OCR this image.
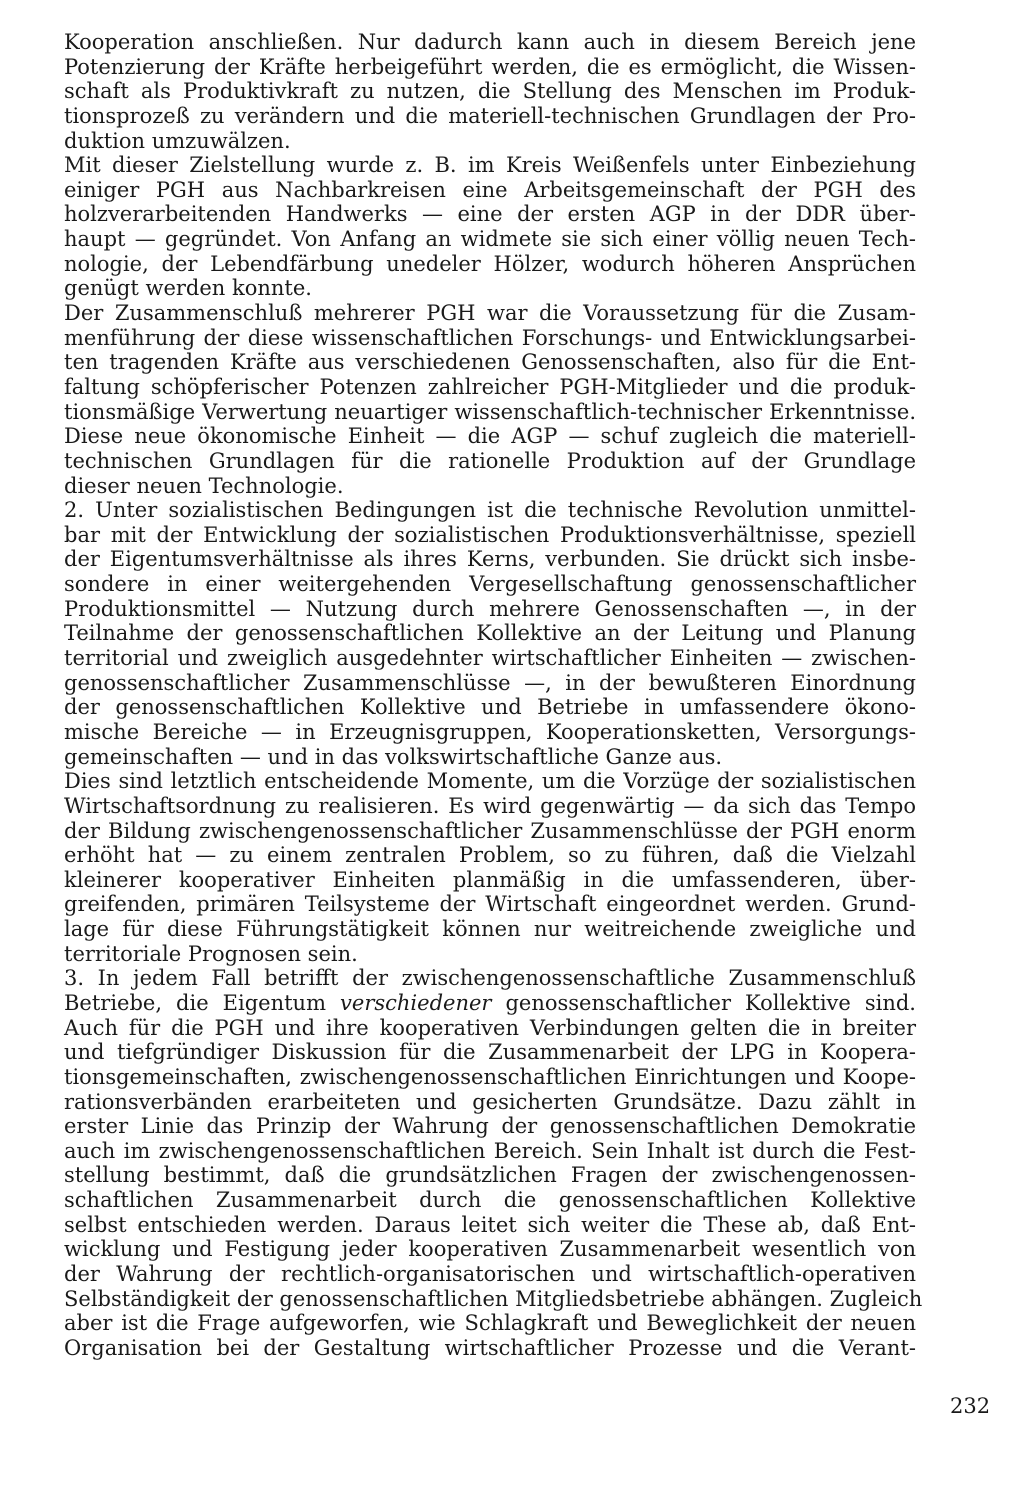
Kooperation anschließen. Nur dadurch kann auch in diesem Bereich jene
Potenzierung der Kräfte herbeigeführt werden, die es ermöglicht, die Wissen-
schaft als Produktivkraft zu nutzen, die Stellung des Menschen im Produk-
tionsprozeß zu verändern und die materiell-technischen Grundlagen der Pro-
duktion umzuwälzen.
Mit dieser Zielstellung wurde z. B. im Kreis Weißenfels unter Einbeziehung
einiger PGH aus Nachbarkreisen eine Arbeitsgemeinschaft der PGH des
holzverarbeitenden Handwerks — eine der ersten AGP in der DDR über-
haupt — gegründet. Von Anfang an widmete sie sich einer völlig neuen Tech-
nologie, der Lebendfärbung unedeler Hölzer, wodurch höheren Ansprüchen
genügt werden konnte.
Der Zusammenschluß mehrerer PGH war die Voraussetzung für die Zusam-
menführung der diese wissenschaftlichen Forschungs- und Entwicklungsarbei-
ten tragenden Kräfte aus verschiedenen Genossenschaften, also für die Ent-
faltung schöpferischer Potenzen zahlreicher PGH-Mitglieder und die produk-
tionsmäßige Verwertung neuartiger wissenschaftlich-technischer Erkenntnisse.
Diese neue ökonomische Einheit — die AGP — schuf zugleich die materiell-
technischen Grundlagen für die rationelle Produktion auf der Grundlage
dieser neuen Technologie.
2. Unter sozialistischen Bedingungen ist die technische Revolution unmittel-
bar mit der Entwicklung der sozialistischen Produktionsverhältnisse, speziell
der Eigentumsverhältnisse als ihres Kerns, verbunden. Sie drückt sich insbe-
sondere in einer weitergehenden Vergesellschaftung genossenschaftlicher
Produktionsmittel — Nutzung durch mehrere Genossenschaften —, in der
Teilnahme der genossenschaftlichen Kollektive an der Leitung und Planung
territorial und zweiglich ausgedehnter wirtschaftlicher Einheiten — zwischen-
genossenschaftlicher Zusammenschlüsse —, in der bewußteren Einordnung
der genossenschaftlichen Kollektive und Betriebe in umfassendere ökono-
mische Bereiche — in Erzeugnisgruppen, Kooperationsketten, Versorgungs-
gemeinschaften — und in das volkswirtschaftliche Ganze aus.
Dies sind letztlich entscheidende Momente, um die Vorzüge der sozialistischen
Wirtschaftsordnung zu realisieren. Es wird gegenwärtig — da sich das Tempo
der Bildung zwischengenossenschaftlicher Zusammenschlüsse der PGH enorm
erhöht hat — zu einem zentralen Problem, so zu führen, daß die Vielzahl
kleinerer kooperativer Einheiten planmäßig in die umfassenderen, über-
greifenden, primären Teilsysteme der Wirtschaft eingeordnet werden. Grund-
lage für diese Führungstätigkeit können nur weitreichende zweigliche und
territoriale Prognosen sein.
3. In jedem Fall betrifft der zwischengenossenschaftliche Zusammenschluß
Betriebe, die Eigentum verschiedener genossenschaftlicher Kollektive sind.
Auch für die PGH und ihre kooperativen Verbindungen gelten die in breiter
und tiefgründiger Diskussion für die Zusammenarbeit der LPG in Koopera-
tionsgemeinschaften, zwischengenossenschaftlichen Einrichtungen und Koope-
rationsverbänden erarbeiteten und gesicherten Grundsätze. Dazu zählt in
erster Linie das Prinzip der Wahrung der genossenschaftlichen Demokratie
auch im zwischengenossenschaftlichen Bereich. Sein Inhalt ist durch die Fest-
stellung bestimmt, daß die grundsätzlichen Fragen der zwischengenossen-
schaftlichen Zusammenarbeit durch die genossenschaftlichen Kollektive
selbst entschieden werden. Daraus leitet sich weiter die These ab, daß Ent-
wicklung und Festigung jeder kooperativen Zusammenarbeit wesentlich von
der Wahrung der rechtlich-organisatorischen und wirtschaftlich-operativen
Selbständigkeit der genossenschaftlichen Mitgliedsbetriebe abhängen. Zugleich
aber ist die Frage aufgeworfen, wie Schlagkraft und Beweglichkeit der neuen
Organisation bei der Gestaltung wirtschaftlicher Prozesse und die Verant-
232
